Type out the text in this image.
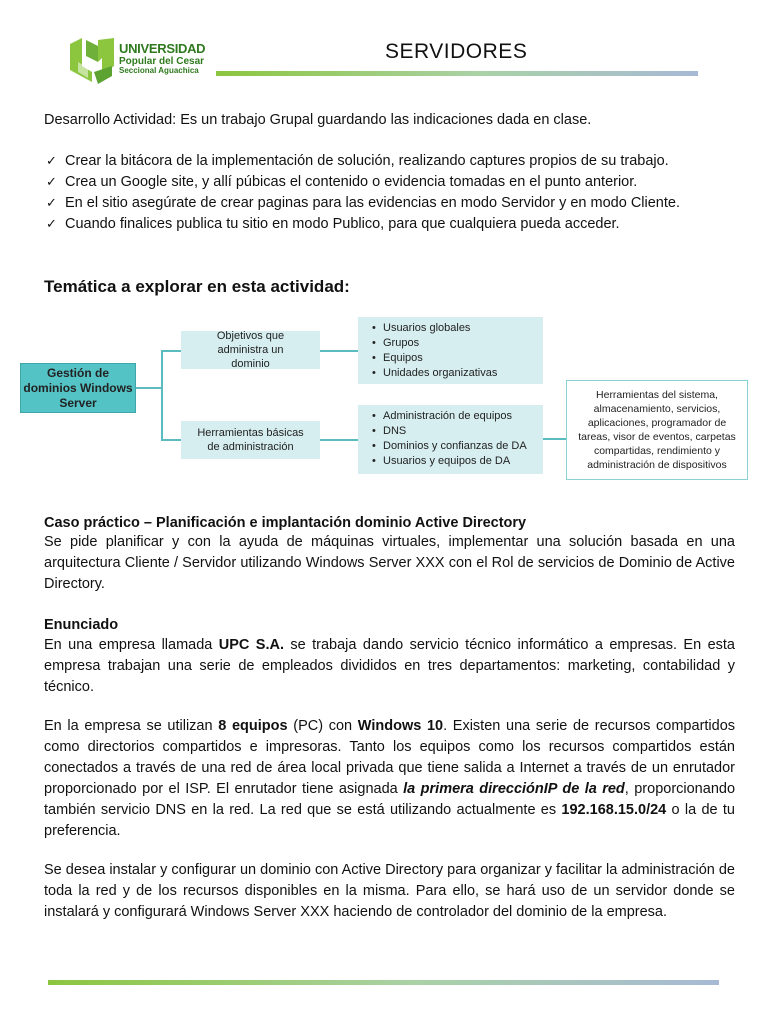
UNIVERSIDAD
Popular del Cesar
Seccional Aguachica
SERVIDORES
Desarrollo Actividad: Es un trabajo Grupal guardando las indicaciones dada en clase.
✓ Crear la bitácora de la implementación de solución, realizando captures propios de su trabajo.
✓ Crea un Google site, y allí púbicas el contenido o evidencia tomadas en el punto anterior.
✓ En el sitio asegúrate de crear paginas para las evidencias en modo Servidor y en modo Cliente.
✓ Cuando finalices publica tu sitio en modo Publico, para que cualquiera pueda acceder.
Temática a explorar en esta actividad:
Gestión de dominios Windows Server
Objetivos que administra un dominio
Herramientas básicas de administración
• Usuarios globales
• Grupos
• Equipos
• Unidades organizativas
• Administración de equipos
• DNS
• Dominios y confianzas de DA
• Usuarios y equipos de DA
Herramientas del sistema, almacenamiento, servicios, aplicaciones, programador de tareas, visor de eventos, carpetas compartidas, rendimiento y administración de dispositivos
Caso práctico – Planificación e implantación dominio Active Directory
Se pide planificar y con la ayuda de máquinas virtuales, implementar una solución basada en una arquitectura Cliente / Servidor utilizando Windows Server XXX con el Rol de servicios de Dominio de Active Directory.
Enunciado
En una empresa llamada UPC S.A. se trabaja dando servicio técnico informático a empresas. En esta empresa trabajan una serie de empleados divididos en tres departamentos: marketing, contabilidad y técnico.
En la empresa se utilizan 8 equipos (PC) con Windows 10. Existen una serie de recursos compartidos como directorios compartidos e impresoras. Tanto los equipos como los recursos compartidos están conectados a través de una red de área local privada que tiene salida a Internet a través de un enrutador proporcionado por el ISP. El enrutador tiene asignada la primera direcciónIP de la red, proporcionando también servicio DNS en la red. La red que se está utilizando actualmente es 192.168.15.0/24 o la de tu preferencia.
Se desea instalar y configurar un dominio con Active Directory para organizar y facilitar la administración de toda la red y de los recursos disponibles en la misma. Para ello, se hará uso de un servidor donde se instalará y configurará Windows Server XXX haciendo de controlador del dominio de la empresa.
